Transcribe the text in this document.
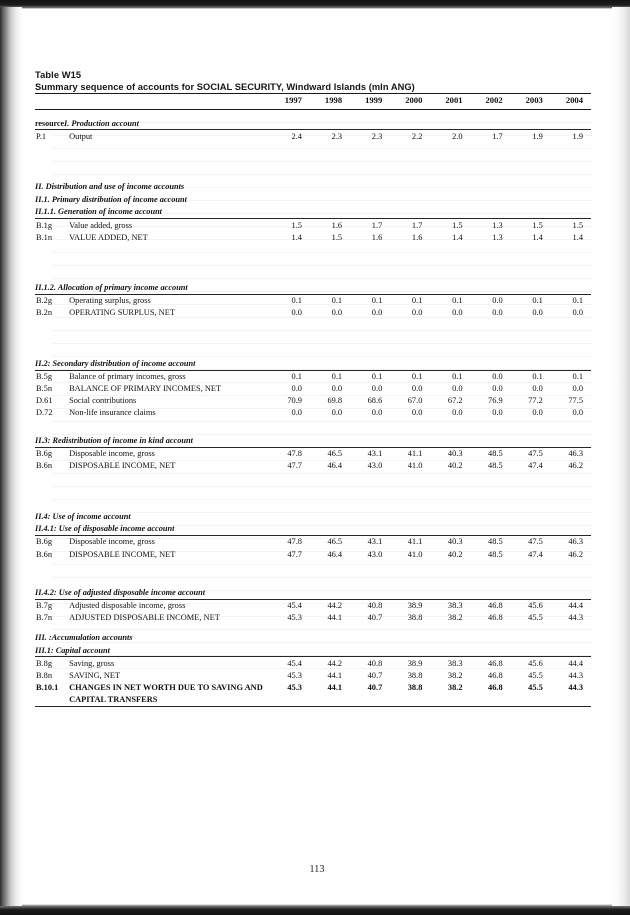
Table W15
Summary sequence of accounts for SOCIAL SECURITY, Windward Islands (mln ANG)
		1997	1998	1999	2000	2001	2002	2003	2004

resourceI. Production account									

P.1	Output	2.4	2.3	2.3	2.2	2.0	1.7	1.9	1.9

II. Distribution and use of income accounts									
II.1. Primary distribution of income account									
II.1.1. Generation of income account									

B.1g	Value added, gross	1.5	1.6	1.7	1.7	1.5	1.3	1.5	1.5
B.1n	VALUE ADDED, NET	1.4	1.5	1.6	1.6	1.4	1.3	1.4	1.4

II.1.2. Allocation of primary income account									

B.2g	Operating surplus, gross	0.1	0.1	0.1	0.1	0.1	0.0	0.1	0.1
B.2n	OPERATING SURPLUS, NET	0.0	0.0	0.0	0.0	0.0	0.0	0.0	0.0

II.2: Secondary distribution of income account									

B.5g	Balance of primary incomes, gross	0.1	0.1	0.1	0.1	0.1	0.0	0.1	0.1
B.5n	BALANCE OF PRIMARY INCOMES, NET	0.0	0.0	0.0	0.0	0.0	0.0	0.0	0.0
D.61	Social contributions	70.9	69.8	68.6	67.0	67.2	76.9	77.2	77.5
D.72	Non-life insurance claims	0.0	0.0	0.0	0.0	0.0	0.0	0.0	0.0

II.3: Redistribution of income in kind account									

B.6g	Disposable income, gross	47.8	46.5	43.1	41.1	40.3	48.5	47.5	46.3
B.6n	DISPOSABLE INCOME, NET	47.7	46.4	43.0	41.0	40.2	48.5	47.4	46.2

II.4: Use of income account									
II.4.1: Use of disposable income account									

B.6g	Disposable income, gross	47.8	46.5	43.1	41.1	40.3	48.5	47.5	46.3
B.6n	DISPOSABLE INCOME, NET	47.7	46.4	43.0	41.0	40.2	48.5	47.4	46.2

II.4.2: Use of adjusted disposable income account									

B.7g	Adjusted disposable income, gross	45.4	44.2	40.8	38.9	38.3	46.8	45.6	44.4
B.7n	ADJUSTED DISPOSABLE INCOME, NET	45.3	44.1	40.7	38.8	38.2	46.8	45.5	44.3

III. :Accumulation accounts									
III.1: Capital account									

B.8g	Saving, gross	45.4	44.2	40.8	38.9	38.3	46.8	45.6	44.4
B.8n	SAVING, NET	45.3	44.1	40.7	38.8	38.2	46.8	45.5	44.3
B.10.1	CHANGES IN NET WORTH DUE TO SAVING AND	45.3	44.1	40.7	38.8	38.2	46.8	45.5	44.3
	CAPITAL TRANSFERS								

113
